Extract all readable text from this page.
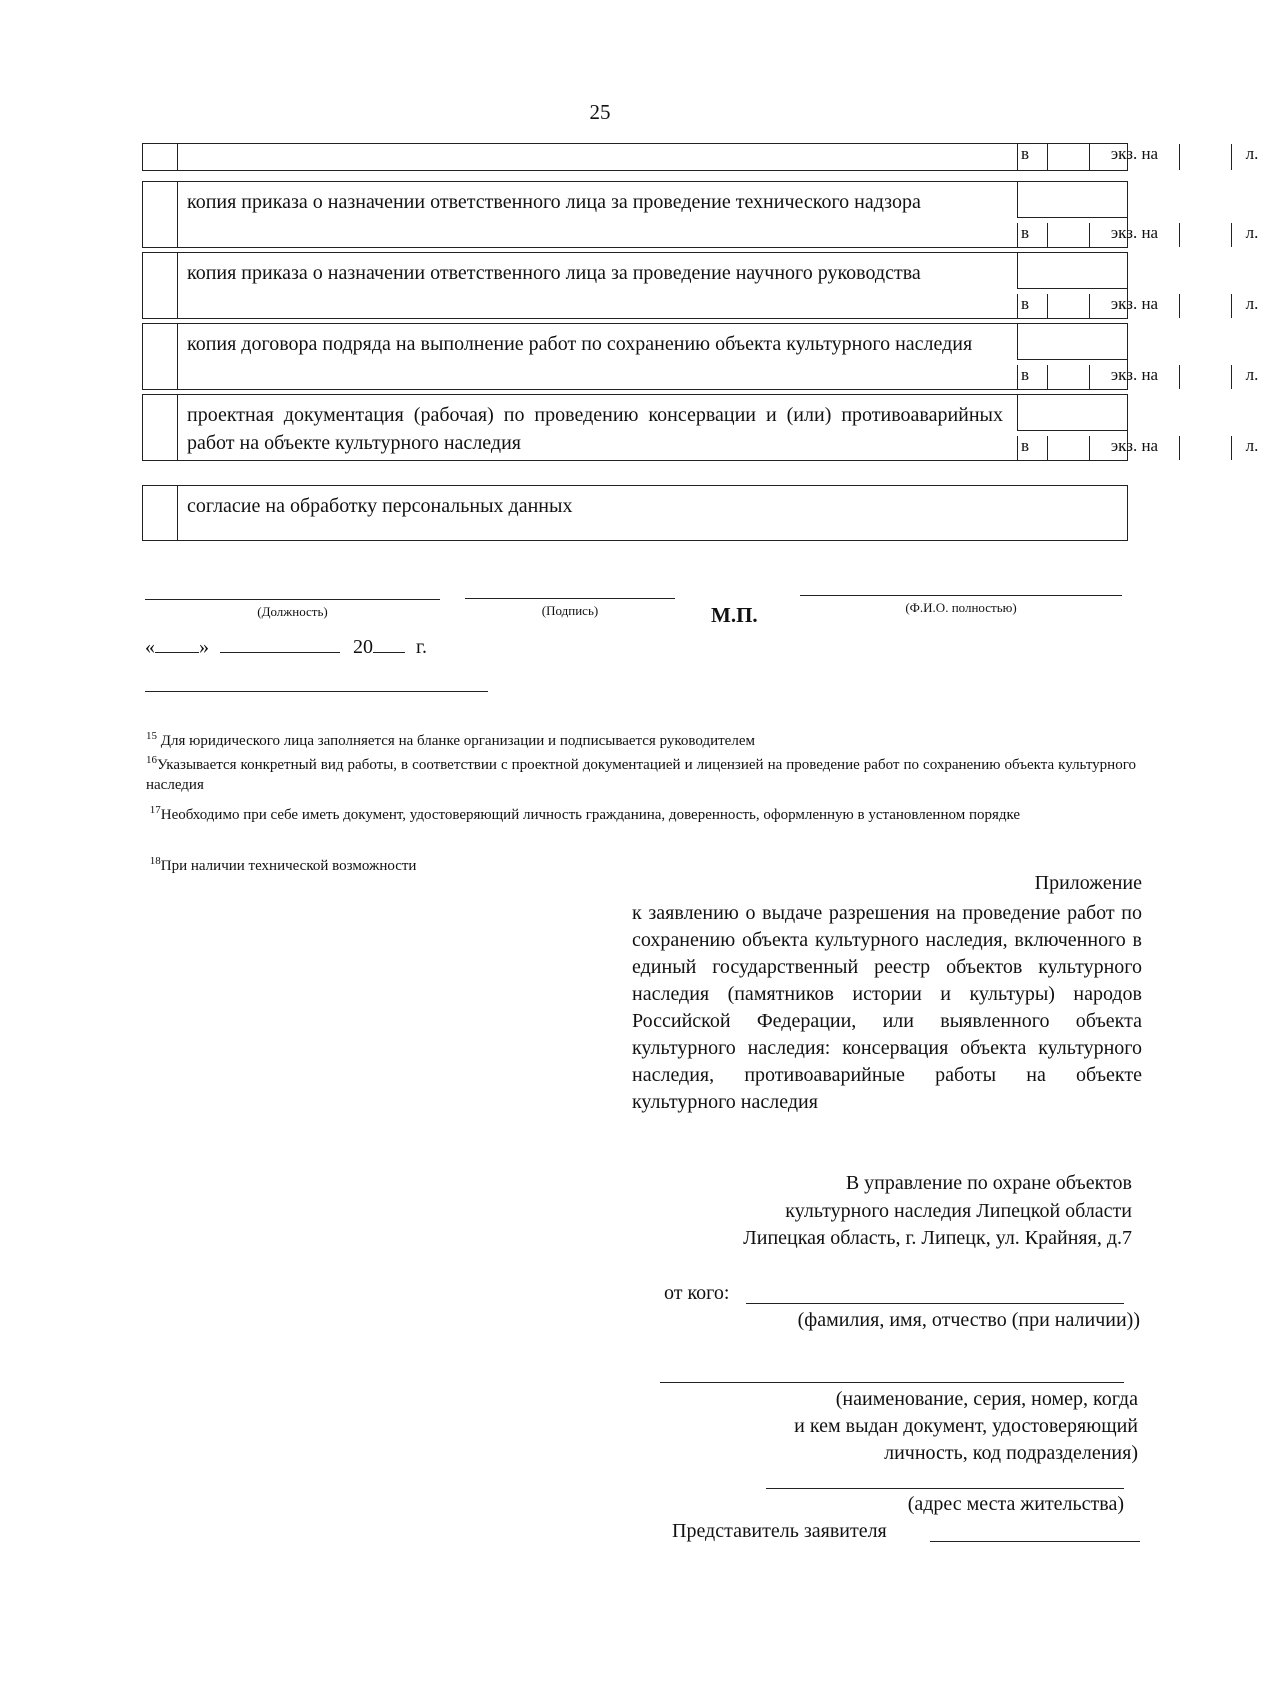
25
в	экз. на	л.
копия приказа о назначении ответственного лица за проведение технического надзора
в	экз. на	л.
копия приказа о назначении ответственного лица за проведение научного руководства
в	экз. на	л.
копия договора подряда на выполнение работ по сохранению объекта культурного наследия
в	экз. на	л.
проектная документация (рабочая) по проведению консервации и (или) противоаварийных работ на объекте культурного наследия	в	экз. на	л.
согласие на обработку персональных данных
(Должность)	(Подпись)	М.П.	(Ф.И.О. полностью)
« »	20 г.
$^{15}$ Для юридического лица заполняется на бланке организации и подписывается руководителем
$^{16}$Указывается конкретный вид работы, в соответствии с проектной документацией и лицензией на проведение работ по сохранению объекта культурного наследия
$^{17}$Необходимо при себе иметь документ, удостоверяющий личность гражданина, доверенность, оформленную в установленном порядке
$^{18}$При наличии технической возможности
Приложение
к заявлению о выдаче разрешения на проведение работ по сохранению объекта культурного наследия, включенного в единый государственный реестр объектов культурного наследия (памятников истории и культуры) народов Российской Федерации, или выявленного объекта культурного наследия: консервация объекта культурного наследия, противоаварийные работы на объекте культурного наследия
В управление по охране объектов
культурного наследия Липецкой области
Липецкая область, г. Липецк, ул. Крайняя, д.7
от кого:
(фамилия, имя, отчество (при наличии))
(наименование, серия, номер, когда
и кем выдан документ, удостоверяющий
личность, код подразделения)
(адрес места жительства)
Представитель заявителя
